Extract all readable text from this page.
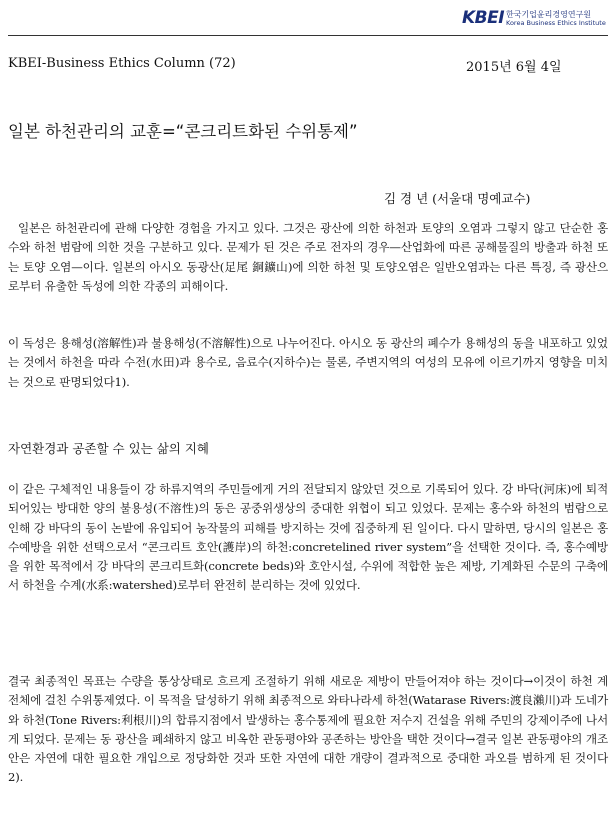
KBEI 한국기업윤리경영연구원
Korea Business Ethics Institute
KBEI-Business Ethics Column (72)	2015년 6월 4일
일본 하천관리의 교훈=“콘크리트화된 수위통제”
김 경 년 (서울대 명예교수)

일본은 하천관리에 관해 다양한 경험을 가지고 있다. 그것은 광산에 의한 하천과 토양의 오염과 그렇지 않고 단순한 홍수와 하천 범람에 의한 것을 구분하고 있다. 문제가 된 것은 주로 전자의 경우—산업화에 따른 공해물질의 방출과 하천 또는 토양 오염—이다. 일본의 아시오 동광산(足尾 銅鑛山)에 의한 하천 및 토양오염은 일반오염과는 다른 특징, 즉 광산으로부터 유출한 독성에 의한 각종의 피해이다.

이 독성은 용해성(溶解性)과 불용해성(不溶解性)으로 나누어진다. 아시오 동 광산의 폐수가 용해성의 동을 내포하고 있었는 것에서 하천을 따라 수전(水田)과 용수로, 음료수(지하수)는 물론, 주변지역의 여성의 모유에 이르기까지 영향을 미치는 것으로 판명되었다1).

자연환경과 공존할 수 있는 삶의 지혜

이 같은 구체적인 내용들이 강 하류지역의 주민들에게 거의 전달되지 않았던 것으로 기록되어 있다. 강 바닥(河床)에 퇴적되어있는 방대한 양의 불용성(不溶性)의 동은 공중위생상의 중대한 위협이 되고 있었다. 문제는 홍수와 하천의 범람으로 인해 강 바닥의 동이 논밭에 유입되어 농작물의 피해를 방지하는 것에 집중하게 된 일이다. 다시 말하면, 당시의 일본은 홍수예방을 위한 선택으로서 “콘크리트 호안(護岸)의 하천:concretelined river system”을 선택한 것이다. 즉, 홍수예방을 위한 목적에서 강 바닥의 콘크리트화(concrete beds)와 호안시설, 수위에 적합한 높은 제방, 기계화된 수문의 구축에서 하천을 수계(水系:watershed)로부터 완전히 분리하는 것에 있었다.

결국 최종적인 목표는 수량을 통상상태로 흐르게 조절하기 위해 새로운 제방이 만들어져야 하는 것이다→이것이 하천 계 전체에 걸친 수위통제였다. 이 목적을 달성하기 위해 최종적으로 와타나라세 하천(Watarase Rivers:渡良瀨川)과 도네가와 하천(Tone Rivers:利根川)의 합류지점에서 발생하는 홍수통제에 필요한 저수지 건설을 위해 주민의 강제이주에 나서게 되었다. 문제는 동 광산을 폐쇄하지 않고 비옥한 관동평야와 공존하는 방안을 택한 것이다→결국 일본 관동평야의 개조안은 자연에 대한 필요한 개입으로 정당화한 것과 또한 자연에 대한 개량이 결과적으로 중대한 과오를 범하게 된 것이다2).
